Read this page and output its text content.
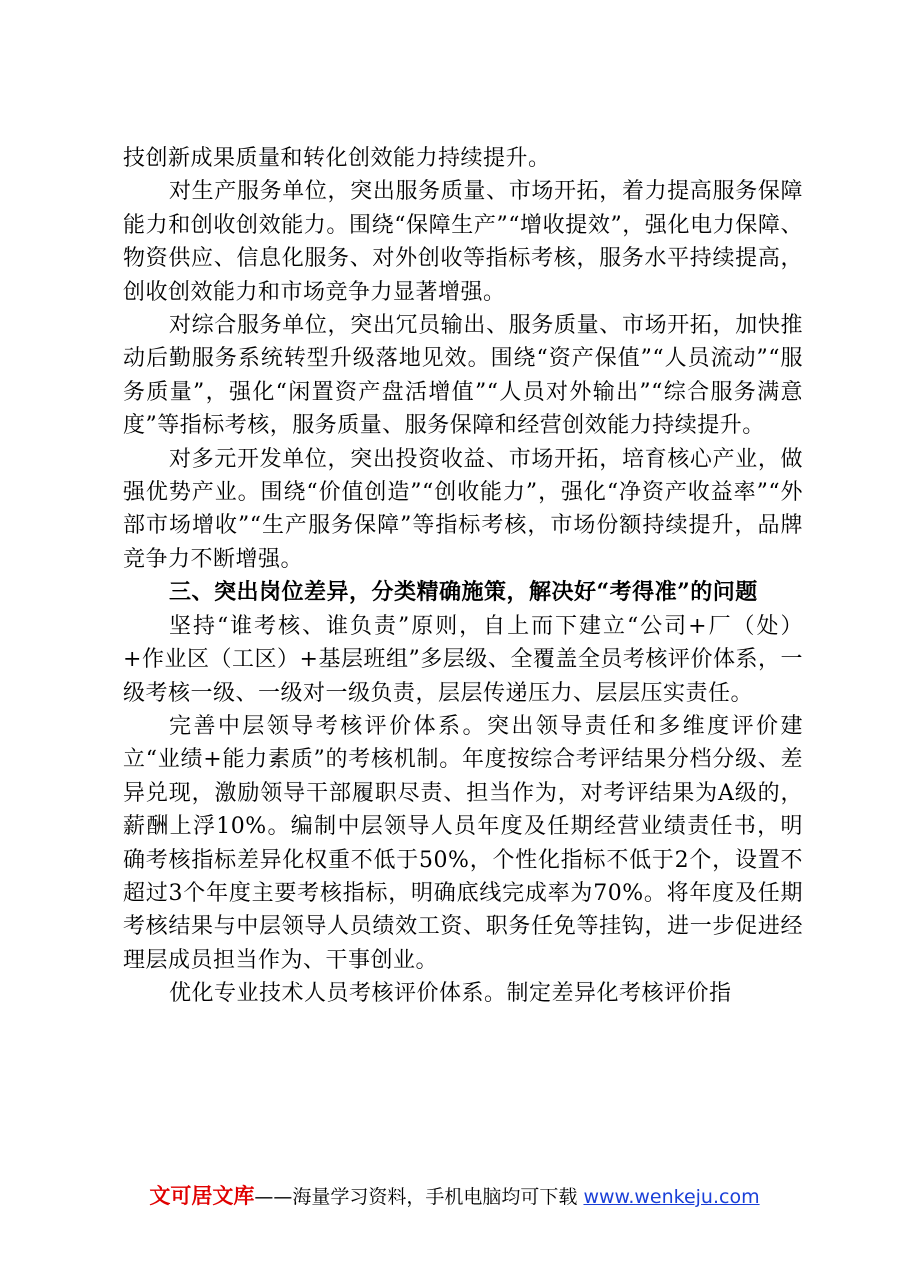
技创新成果质量和转化创效能力持续提升。

对生产服务单位，突出服务质量、市场开拓，着力提高服务保障能力和创收创效能力。围绕“保障生产”“增收提效”，强化电力保障、物资供应、信息化服务、对外创收等指标考核，服务水平持续提高，创收创效能力和市场竞争力显著增强。

对综合服务单位，突出冗员输出、服务质量、市场开拓，加快推动后勤服务系统转型升级落地见效。围绕“资产保值”“人员流动”“服务质量”，强化“闲置资产盘活增值”“人员对外输出”“综合服务满意度”等指标考核，服务质量、服务保障和经营创效能力持续提升。

对多元开发单位，突出投资收益、市场开拓，培育核心产业，做强优势产业。围绕“价值创造”“创收能力”，强化“净资产收益率”“外部市场增收”“生产服务保障”等指标考核，市场份额持续提升，品牌竞争力不断增强。

三、突出岗位差异，分类精确施策，解决好“考得准”的问题

坚持“谁考核、谁负责”原则，自上而下建立“公司+厂（处）+作业区（工区）+基层班组”多层级、全覆盖全员考核评价体系，一级考核一级、一级对一级负责，层层传递压力、层层压实责任。

完善中层领导考核评价体系。突出领导责任和多维度评价建立“业绩+能力素质”的考核机制。年度按综合考评结果分档分级、差异兑现，激励领导干部履职尽责、担当作为，对考评结果为A级的，薪酬上浮10%。编制中层领导人员年度及任期经营业绩责任书，明确考核指标差异化权重不低于50%，个性化指标不低于2个，设置不超过3个年度主要考核指标，明确底线完成率为70%。将年度及任期考核结果与中层领导人员绩效工资、职务任免等挂钩，进一步促进经理层成员担当作为、干事创业。

优化专业技术人员考核评价体系。制定差异化考核评价指

文可居文库——海量学习资料，手机电脑均可下载 www.wenkeju.com
